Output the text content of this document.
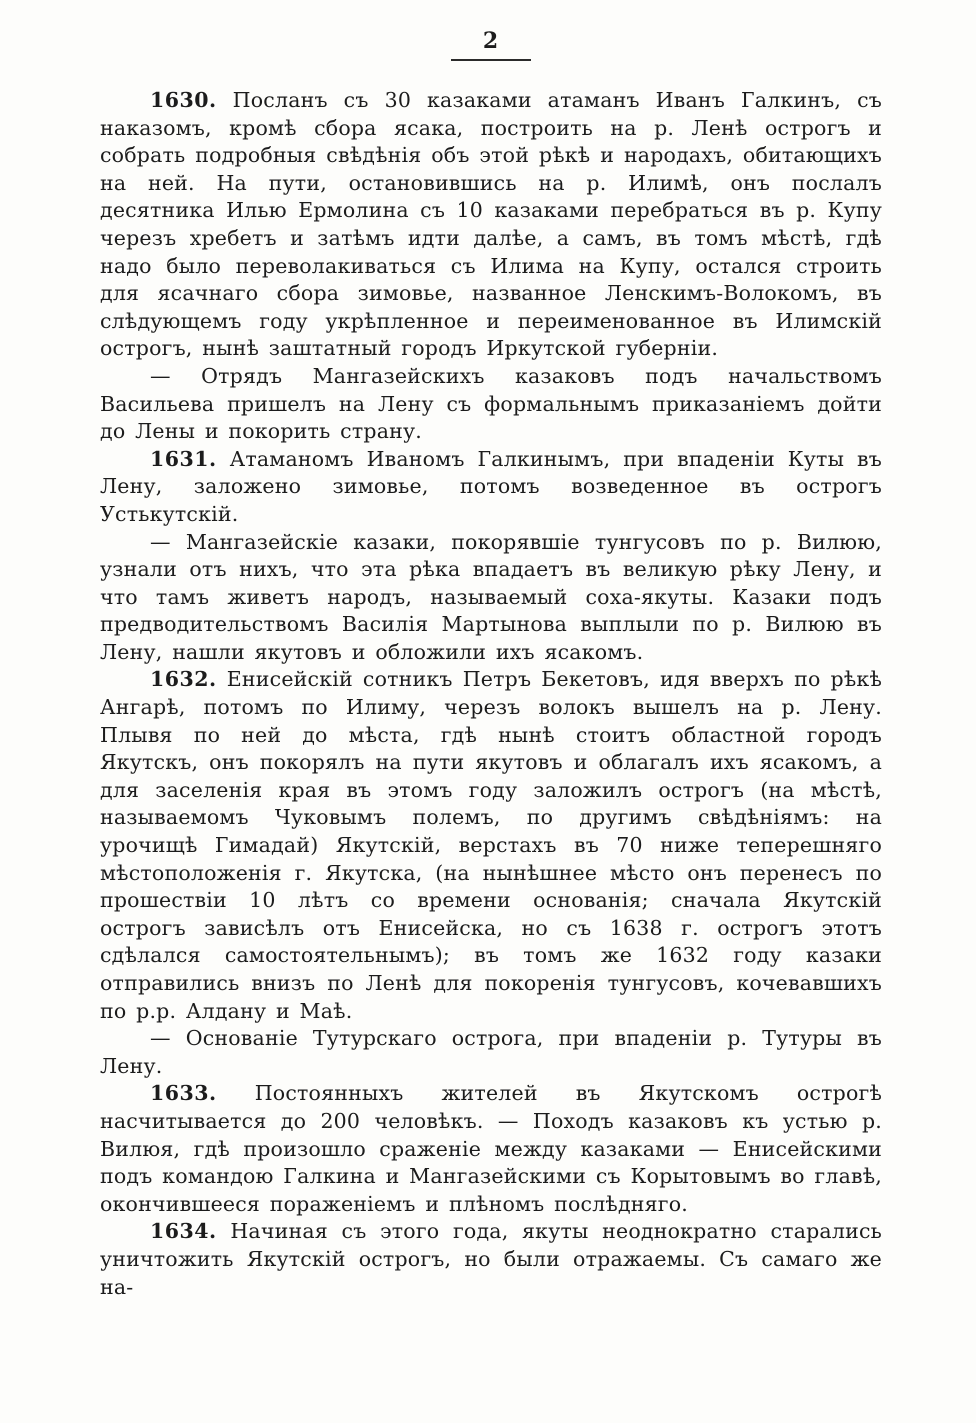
2

1630. Посланъ съ 30 казаками атаманъ Иванъ Галкинъ, съ наказомъ, кромѣ сбора ясака, построить на р. Ленѣ острогъ и собрать подробныя свѣдѣнія объ этой рѣкѣ и народахъ, обитающихъ на ней. На пути, остановившись на р. Илимѣ, онъ послалъ десятника Илью Ермолина съ 10 казаками перебраться въ р. Купу черезъ хребетъ и затѣмъ идти далѣе, а самъ, въ томъ мѣстѣ, гдѣ надо было переволакиваться съ Илима на Купу, остался строить для ясачнаго сбора зимовье, названное Ленскимъ-Волокомъ, въ слѣдующемъ году укрѣпленное и переименованное въ Илимскій острогъ, нынѣ заштатный городъ Иркутской губерніи.

— Отрядъ Мангазейскихъ казаковъ подъ начальствомъ Васильева пришелъ на Лену съ формальнымъ приказаніемъ дойти до Лены и покорить страну.

1631. Атаманомъ Иваномъ Галкинымъ, при впаденіи Куты въ Лену, заложено зимовье, потомъ возведенное въ острогъ Устькутскій.

— Мангазейскіе казаки, покорявшіе тунгусовъ по р. Вилюю, узнали отъ нихъ, что эта рѣка впадаетъ въ великую рѣку Лену, и что тамъ живетъ народъ, называемый соха-якуты. Казаки подъ предводительствомъ Василія Мартынова выплыли по р. Вилюю въ Лену, нашли якутовъ и обложили ихъ ясакомъ.

1632. Енисейскій сотникъ Петръ Бекетовъ, идя вверхъ по рѣкѣ Ангарѣ, потомъ по Илиму, черезъ волокъ вышелъ на р. Лену. Плывя по ней до мѣста, гдѣ нынѣ стоитъ областной городъ Якутскъ, онъ покорялъ на пути якутовъ и облагалъ ихъ ясакомъ, а для заселенія края въ этомъ году заложилъ острогъ (на мѣстѣ, называемомъ Чуковымъ полемъ, по другимъ свѣдѣніямъ: на урочищѣ Гимадай) Якутскій, верстахъ въ 70 ниже теперешняго мѣстоположенія г. Якутска, (на нынѣшнее мѣсто онъ перенесъ по прошествіи 10 лѣтъ со времени основанія; сначала Якутскій острогъ зависѣлъ отъ Енисейска, но съ 1638 г. острогъ этотъ сдѣлался самостоятельнымъ); въ томъ же 1632 году казаки отправились внизъ по Ленѣ для покоренія тунгусовъ, кочевавшихъ по р.р. Алдану и Маѣ.

— Основаніе Тутурскаго острога, при впаденіи р. Тутуры въ Лену.

1633. Постоянныхъ жителей въ Якутскомъ острогѣ насчитывается до 200 человѣкъ. — Походъ казаковъ къ устью р. Вилюя, гдѣ произошло сраженіе между казаками — Енисейскими подъ командою Галкина и Мангазейскими съ Корытовымъ во главѣ, окончившееся пораженіемъ и плѣномъ послѣдняго.

1634. Начиная съ этого года, якуты неоднократно старались уничтожить Якутскій острогъ, но были отражаемы. Съ самаго же на-
